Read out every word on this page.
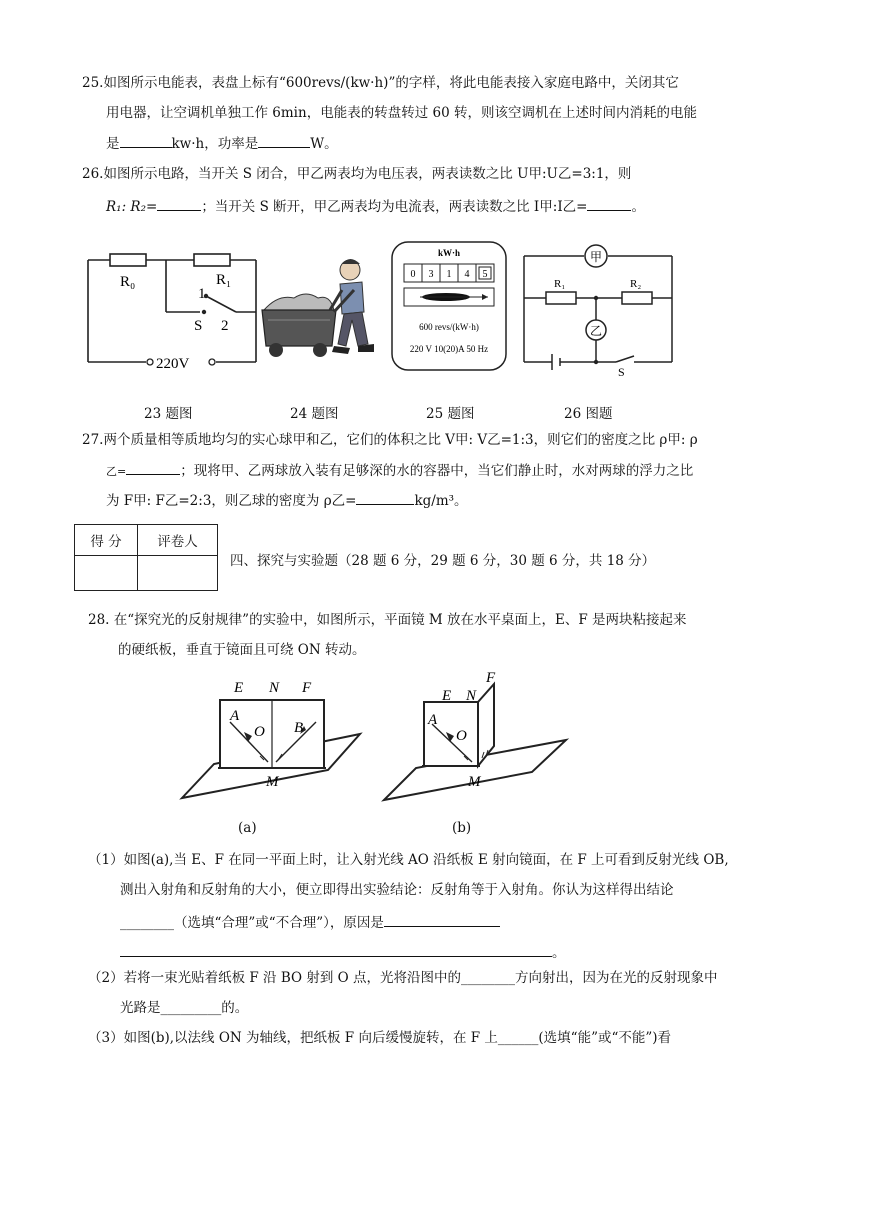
25.如图所示电能表，表盘上标有“600revs/(kw·h)”的字样，将此电能表接入家庭电路中，关闭其它
用电器，让空调机单独工作 6min，电能表的转盘转过 60 转，则该空调机在上述时间内消耗的电能
是	kw·h，功率是	W。
26.如图所示电路，当开关 S 闭合，甲乙两表均为电压表，两表读数之比 U甲:U乙=3:1，则
R₁: R₂=	；当开关 S 断开，甲乙两表均为电流表，两表读数之比 I甲:I乙=	。
R₀	R₁
1
S 2
220V
kW·h
0 3 1 4 5
600 revs/(kW·h)
220 V 10(20)A 50 Hz
甲
乙
R₁	R₂
S
23 题图	24 题图	25 题图	26 图题
27.两个质量相等质地均匀的实心球甲和乙，它们的体积之比 V甲: V乙=1:3，则它们的密度之比 ρ甲: ρ
乙=	；现将甲、乙两球放入装有足够深的水的容器中，当它们静止时，水对两球的浮力之比
为 F甲: F乙=2:3，则乙球的密度为 ρ乙=	kg/m³。
得 分	评卷人

四、探究与实验题（28 题 6 分，29 题 6 分，30 题 6 分，共 18 分）
28. 在“探究光的反射规律”的实验中，如图所示，平面镜 M 放在水平桌面上，E、F 是两块粘接起来
的硬纸板，垂直于镜面且可绕 ON 转动。
E N F
A
O B
M
E N
F
A
O
M
(a)	(b)
（1）如图(a),当 E、F 在同一平面上时，让入射光线 AO 沿纸板 E 射向镜面，在 F 上可看到反射光线 OB,
测出入射角和反射角的大小，便立即得出实验结论：反射角等于入射角。你认为这样得出结论
________（选填“合理”或“不合理”），原因是
。
（2）若将一束光贴着纸板 F 沿 BO 射到 O 点，光将沿图中的________方向射出，因为在光的反射现象中
光路是_________的。
（3）如图(b),以法线 ON 为轴线，把纸板 F 向后缓慢旋转，在 F 上______(选填“能”或“不能”)看
